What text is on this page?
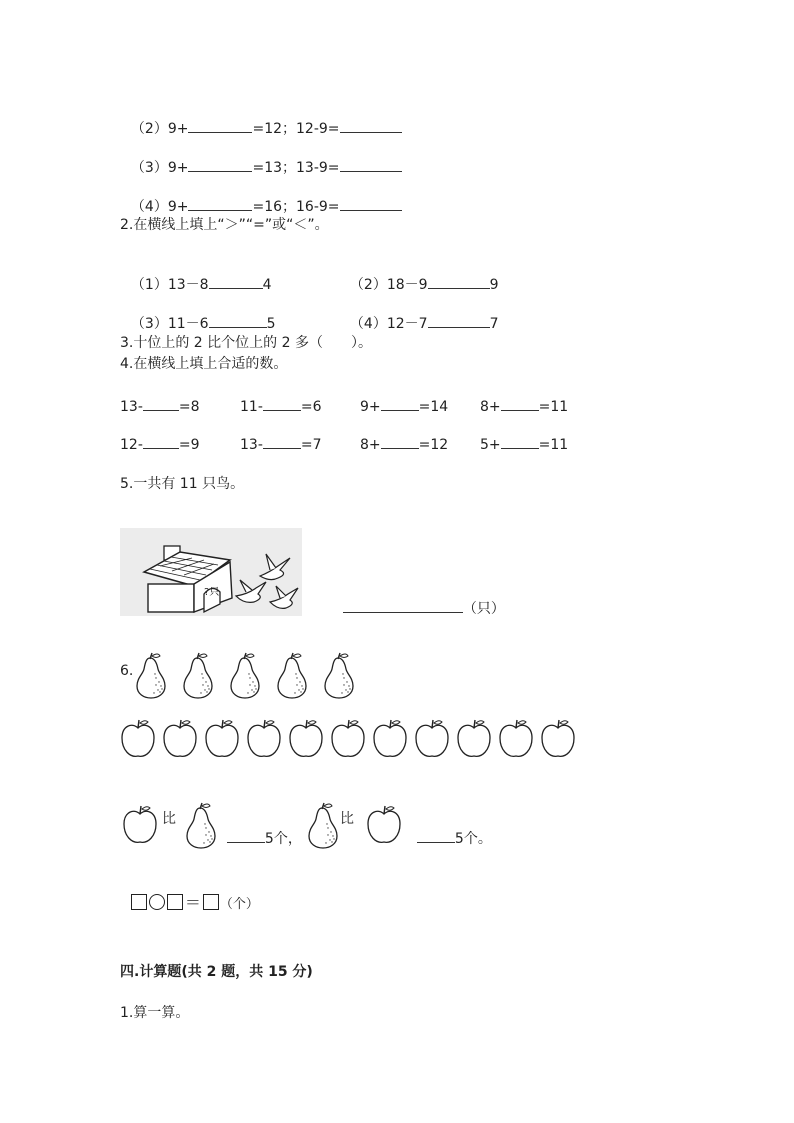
（2）9+	=12；12-9=

（3）9+	=13；13-9=

（4）9+	=16；16-9=

2.在横线上填上“＞”“=”或“＜”。

（1）13－8	4	（2）18－9	9

（3）11－6	5	（4）12－7	7

3.十位上的 2 比个位上的 2 多（　　）。
4.在横线上填上合适的数。
13-	=8	11-	=6	9+	=14 8+	=11
12-	=9	13-	=7	8+	=12 5+	=11
5.一共有 11 只鸟。
?只

（只）

6.
比

5个，

比

5个。

＝ （个）

四.计算题(共 2 题，共 15 分)
1.算一算。
